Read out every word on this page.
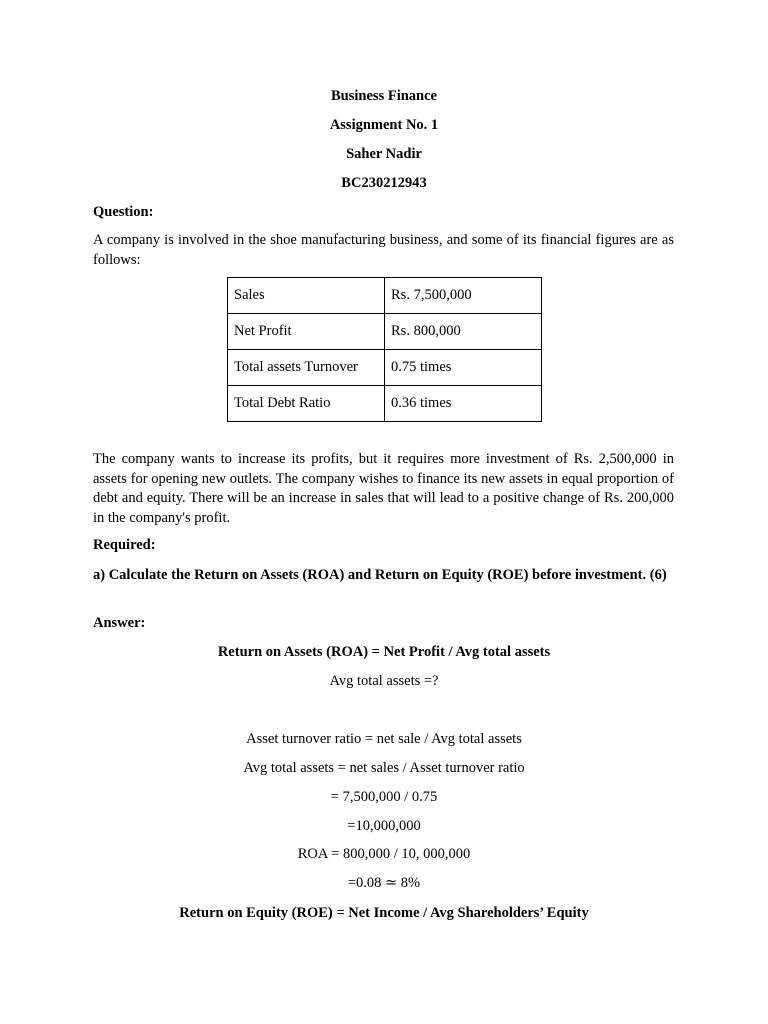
Business Finance
Assignment No. 1
Saher Nadir
BC230212943
Question:
A company is involved in the shoe manufacturing business, and some of its financial figures are as follows:
Sales	Rs. 7,500,000
Net Profit	Rs. 800,000
Total assets Turnover	0.75 times
Total Debt Ratio	0.36 times
The company wants to increase its profits, but it requires more investment of Rs. 2,500,000 in assets for opening new outlets. The company wishes to finance its new assets in equal proportion of debt and equity. There will be an increase in sales that will lead to a positive change of Rs. 200,000 in the company's profit.
Required:
a) Calculate the Return on Assets (ROA) and Return on Equity (ROE) before investment. (6)
Answer:
Return on Assets (ROA) = Net Profit / Avg total assets
Avg total assets =?
Asset turnover ratio = net sale / Avg total assets
Avg total assets = net sales / Asset turnover ratio
= 7,500,000 / 0.75
=10,000,000
ROA = 800,000 / 10, 000,000
=0.08 ≃ 8%
Return on Equity (ROE) = Net Income / Avg Shareholders’ Equity
